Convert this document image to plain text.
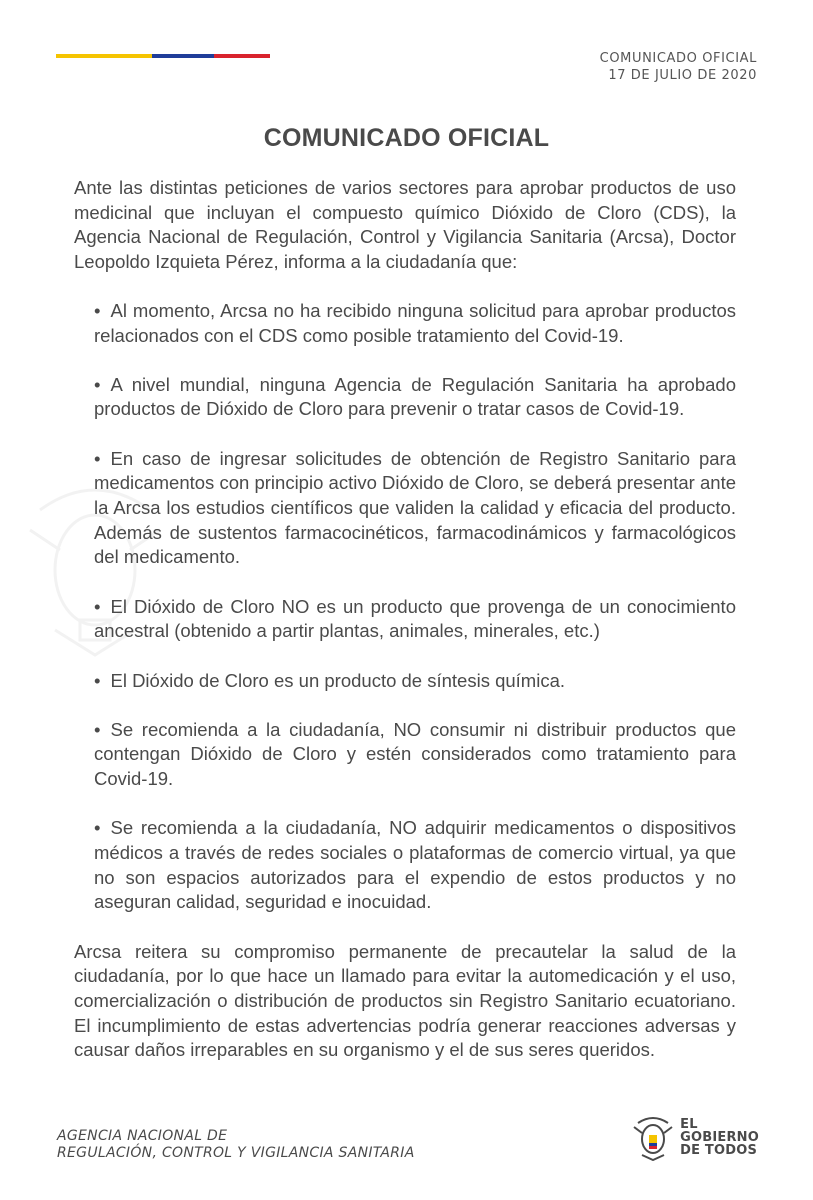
COMUNICADO OFICIAL
17 DE JULIO DE 2020
COMUNICADO OFICIAL

Ante las distintas peticiones de varios sectores para aprobar productos de uso medicinal que incluyan el compuesto químico Dióxido de Cloro (CDS), la Agencia Nacional de Regulación, Control y Vigilancia Sanitaria (Arcsa), Doctor Leopoldo Izquieta Pérez, informa a la ciudadanía que:

• Al momento, Arcsa no ha recibido ninguna solicitud para aprobar productos relacionados con el CDS como posible tratamiento del Covid-19.
• A nivel mundial, ninguna Agencia de Regulación Sanitaria ha aprobado productos de Dióxido de Cloro para prevenir o tratar casos de Covid-19.
• En caso de ingresar solicitudes de obtención de Registro Sanitario para medicamentos con principio activo Dióxido de Cloro, se deberá presentar ante la Arcsa los estudios científicos que validen la calidad y eficacia del producto. Además de sustentos farmacocinéticos, farmacodinámicos y farmacológicos del medicamento.
• El Dióxido de Cloro NO es un producto que provenga de un conocimiento ancestral (obtenido a partir plantas, animales, minerales, etc.)
• El Dióxido de Cloro es un producto de síntesis química.
• Se recomienda a la ciudadanía, NO consumir ni distribuir productos que contengan Dióxido de Cloro y estén considerados como tratamiento para Covid-19.
• Se recomienda a la ciudadanía, NO adquirir medicamentos o dispositivos médicos a través de redes sociales o plataformas de comercio virtual, ya que no son espacios autorizados para el expendio de estos productos y no aseguran calidad, seguridad e inocuidad.

Arcsa reitera su compromiso permanente de precautelar la salud de la ciudadanía, por lo que hace un llamado para evitar la automedicación y el uso, comercialización o distribución de productos sin Registro Sanitario ecuatoriano. El incumplimiento de estas advertencias podría generar reacciones adversas y causar daños irreparables en su organismo y el de sus seres queridos.

AGENCIA NACIONAL DE
REGULACIÓN, CONTROL Y VIGILANCIA SANITARIA
EL
GOBIERNO
DE TODOS
